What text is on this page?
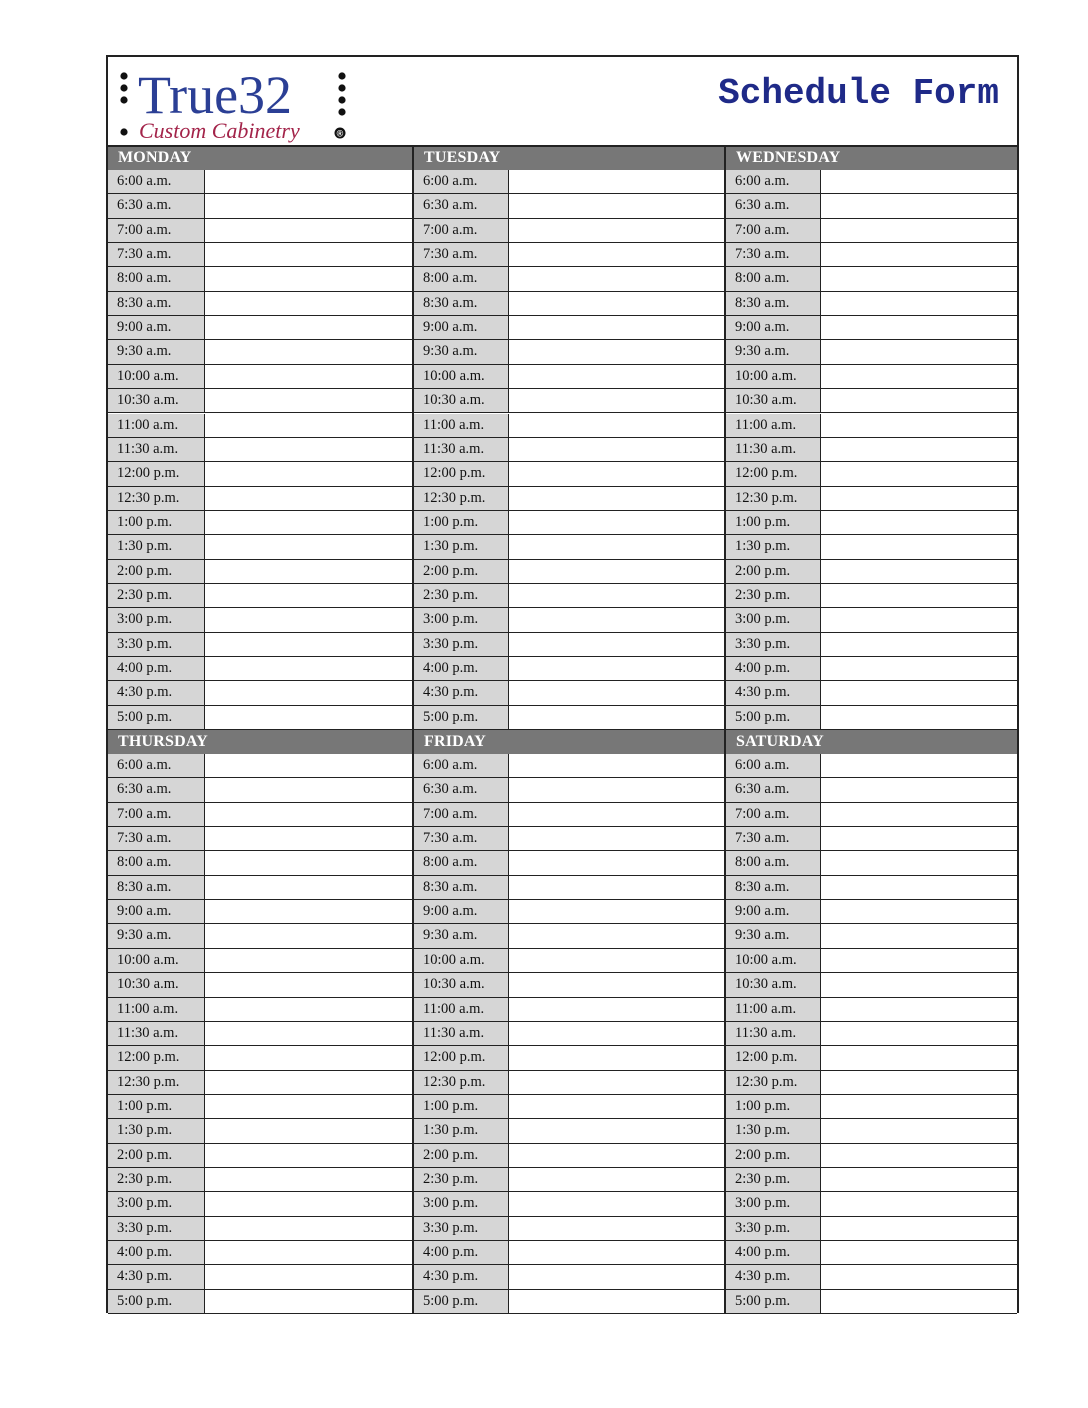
True32
Custom Cabinetry	®
Schedule Form
MONDAY
6:00 a.m.
6:30 a.m.
7:00 a.m.
7:30 a.m.
8:00 a.m.
8:30 a.m.
9:00 a.m.
9:30 a.m.
10:00 a.m.
10:30 a.m.
11:00 a.m.
11:30 a.m.
12:00 p.m.
12:30 p.m.
1:00 p.m.
1:30 p.m.
2:00 p.m.
2:30 p.m.
3:00 p.m.
3:30 p.m.
4:00 p.m.
4:30 p.m.
5:00 p.m.
TUESDAY
6:00 a.m.
6:30 a.m.
7:00 a.m.
7:30 a.m.
8:00 a.m.
8:30 a.m.
9:00 a.m.
9:30 a.m.
10:00 a.m.
10:30 a.m.
11:00 a.m.
11:30 a.m.
12:00 p.m.
12:30 p.m.
1:00 p.m.
1:30 p.m.
2:00 p.m.
2:30 p.m.
3:00 p.m.
3:30 p.m.
4:00 p.m.
4:30 p.m.
5:00 p.m.
WEDNESDAY
6:00 a.m.
6:30 a.m.
7:00 a.m.
7:30 a.m.
8:00 a.m.
8:30 a.m.
9:00 a.m.
9:30 a.m.
10:00 a.m.
10:30 a.m.
11:00 a.m.
11:30 a.m.
12:00 p.m.
12:30 p.m.
1:00 p.m.
1:30 p.m.
2:00 p.m.
2:30 p.m.
3:00 p.m.
3:30 p.m.
4:00 p.m.
4:30 p.m.
5:00 p.m.
THURSDAY
6:00 a.m.
6:30 a.m.
7:00 a.m.
7:30 a.m.
8:00 a.m.
8:30 a.m.
9:00 a.m.
9:30 a.m.
10:00 a.m.
10:30 a.m.
11:00 a.m.
11:30 a.m.
12:00 p.m.
12:30 p.m.
1:00 p.m.
1:30 p.m.
2:00 p.m.
2:30 p.m.
3:00 p.m.
3:30 p.m.
4:00 p.m.
4:30 p.m.
5:00 p.m.
FRIDAY
6:00 a.m.
6:30 a.m.
7:00 a.m.
7:30 a.m.
8:00 a.m.
8:30 a.m.
9:00 a.m.
9:30 a.m.
10:00 a.m.
10:30 a.m.
11:00 a.m.
11:30 a.m.
12:00 p.m.
12:30 p.m.
1:00 p.m.
1:30 p.m.
2:00 p.m.
2:30 p.m.
3:00 p.m.
3:30 p.m.
4:00 p.m.
4:30 p.m.
5:00 p.m.
SATURDAY
6:00 a.m.
6:30 a.m.
7:00 a.m.
7:30 a.m.
8:00 a.m.
8:30 a.m.
9:00 a.m.
9:30 a.m.
10:00 a.m.
10:30 a.m.
11:00 a.m.
11:30 a.m.
12:00 p.m.
12:30 p.m.
1:00 p.m.
1:30 p.m.
2:00 p.m.
2:30 p.m.
3:00 p.m.
3:30 p.m.
4:00 p.m.
4:30 p.m.
5:00 p.m.
